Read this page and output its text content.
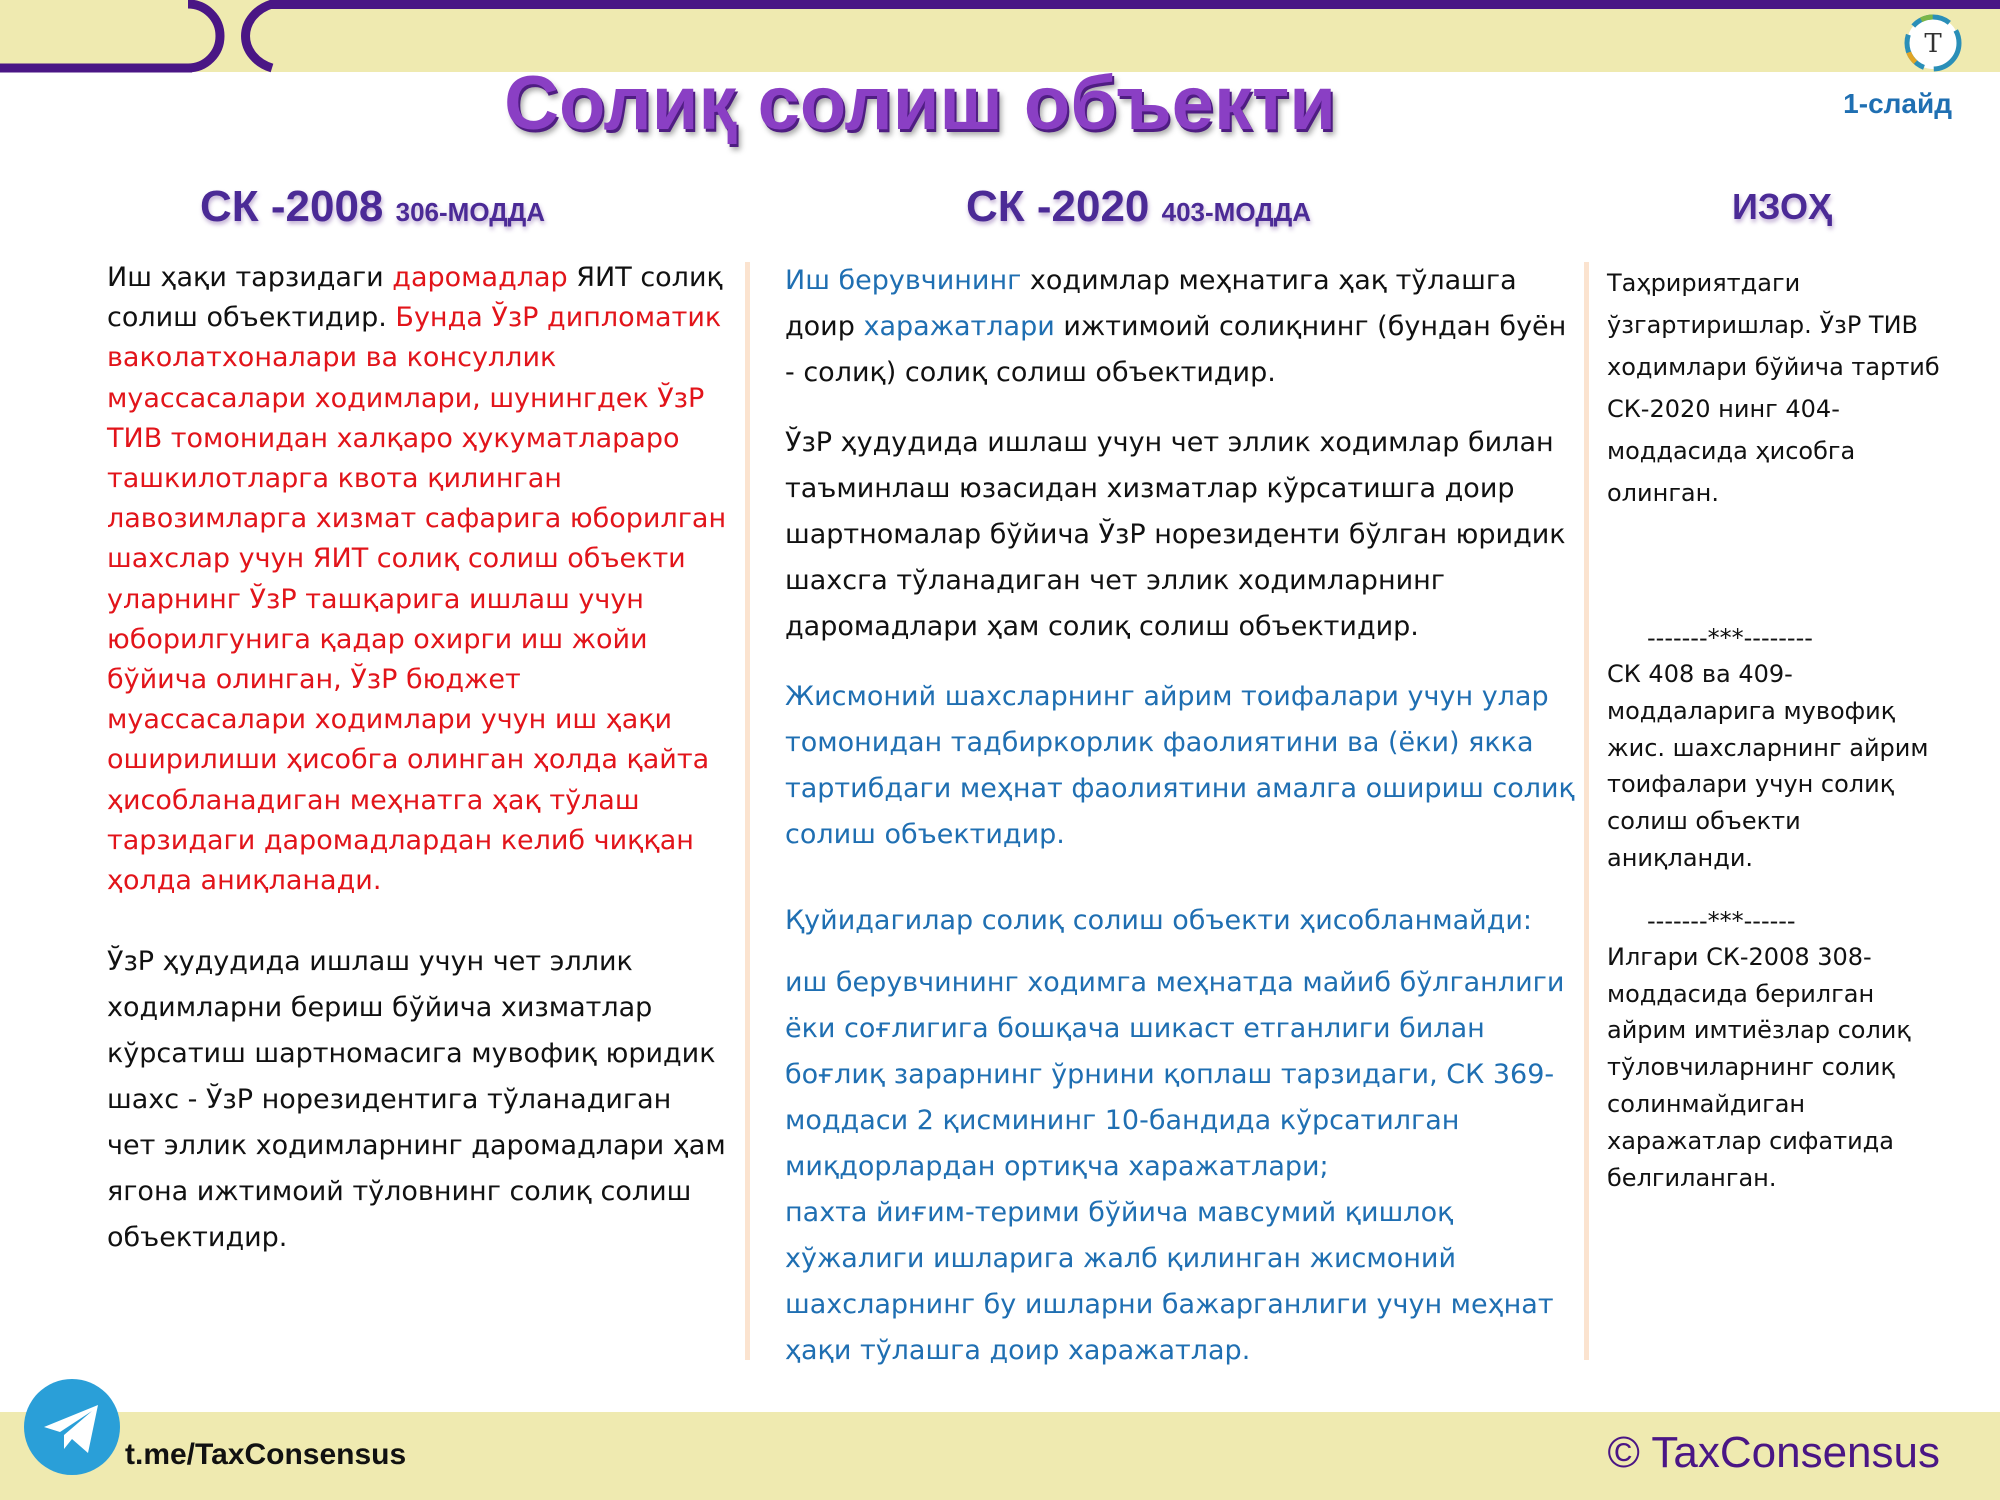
T
1-слайд
Солиқ солиш объекти
СК -2008 306-МОДДА	СК -2020 403-МОДДА	ИЗОҲ

Иш ҳақи тарзидаги даромадлар ЯИТ солиқ солиш объектидир. Бунда ЎзР дипломатик ваколатхоналари ва консуллик муассасалари ходимлари, шунингдек ЎзР ТИВ томонидан халқаро ҳукуматлараро ташкилотларга квота қилинган лавозимларга хизмат сафарига юборилган шахслар учун ЯИТ солиқ солиш объекти уларнинг ЎзР ташқарига ишлаш учун юборилгунига қадар охирги иш жойи бўйича олинган, ЎзР бюджет муассасалари ходимлари учун иш ҳақи оширилиши ҳисобга олинган ҳолда қайта ҳисобланадиган меҳнатга ҳақ тўлаш тарзидаги даромадлардан келиб чиққан ҳолда аниқланади.

ЎзР ҳудудида ишлаш учун чет эллик ходимларни бериш бўйича хизматлар кўрсатиш шартномасига мувофиқ юридик шахс - ЎзР норезидентига тўланадиган чет эллик ходимларнинг даромадлари ҳам ягона ижтимоий тўловнинг солиқ солиш объектидир.

Иш берувчининг ходимлар меҳнатига ҳақ тўлашга доир харажатлари ижтимоий солиқнинг (бундан буён - солиқ) солиқ солиш объектидир.

ЎзР ҳудудида ишлаш учун чет эллик ходимлар билан таъминлаш юзасидан хизматлар кўрсатишга доир шартномалар бўйича ЎзР норезиденти бўлган юридик шахсга тўланадиган чет эллик ходимларнинг даромадлари ҳам солиқ солиш объектидир.

Жисмоний шахсларнинг айрим тоифалари учун улар томонидан тадбиркорлик фаолиятини ва (ёки) якка тартибдаги меҳнат фаолиятини амалга ошириш солиқ солиш объектидир.

Қуйидагилар солиқ солиш объекти ҳисобланмайди:

иш берувчининг ходимга меҳнатда майиб бўлганлиги ёки соғлигига бошқача шикаст етганлиги билан боғлиқ зарарнинг ўрнини қоплаш тарзидаги, СК 369-моддаси 2 қисмининг 10-бандида кўрсатилган миқдорлардан ортиқча харажатлари;

пахта йиғим-терими бўйича мавсумий қишлоқ хўжалиги ишларига жалб қилинган жисмоний шахсларнинг бу ишларни бажарганлиги учун меҳнат ҳақи тўлашга доир харажатлар.

Таҳририятдаги ўзгартиришлар. ЎзР ТИВ ходимлари бўйича тартиб СК-2020 нинг 404-моддасида ҳисобга олинган.

-------***--------

СК 408 ва 409-моддаларига мувофиқ жис. шахсларнинг айрим тоифалари учун солиқ солиш объекти аниқланди.

-------***------

Илгари СК-2008 308-моддасида берилган айрим имтиёзлар солиқ тўловчиларнинг солиқ солинмайдиган харажатлар сифатида белгиланган.

t.me/TaxConsensus	© TaxConsensus
